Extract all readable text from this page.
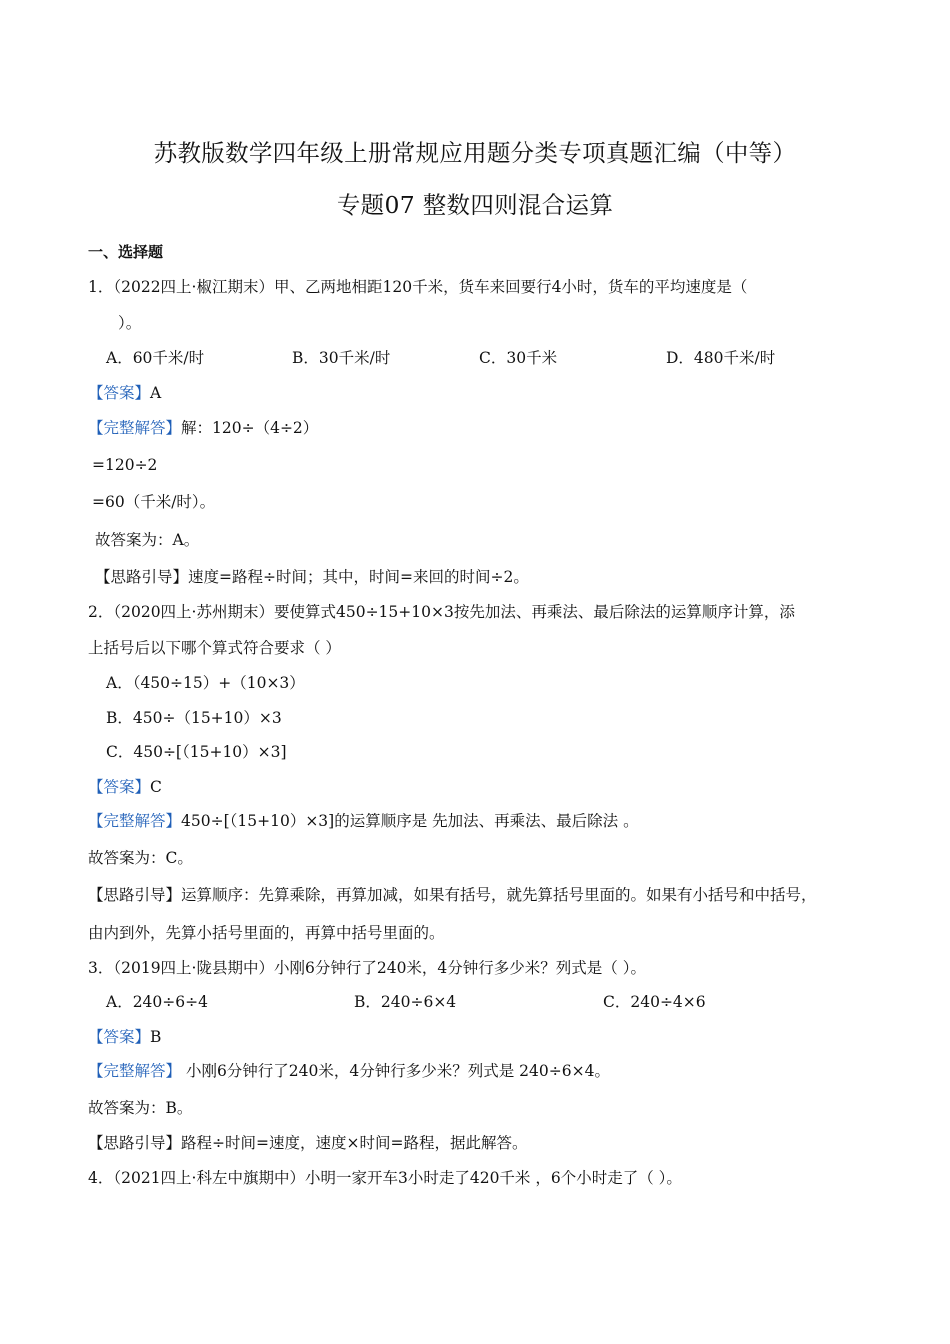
苏教版数学四年级上册常规应用题分类专项真题汇编（中等）
专题07 整数四则混合运算
一、选择题
1．（2022四上·椒江期末）甲、乙两地相距120千米，货车来回要行4小时，货车的平均速度是（
）。
A．60千米/时	B．30千米/时	C．30千米	D．480千米/时
【答案】A
【完整解答】解：120÷（4÷2）
=120÷2
=60（千米/时）。
故答案为：A。
【思路引导】速度=路程÷时间；其中，时间=来回的时间÷2。
2．（2020四上·苏州期末）要使算式450÷15+10×3按先加法、再乘法、最后除法的运算顺序计算，添
上括号后以下哪个算式符合要求（ ）
A．（450÷15）+（10×3）
B．450÷（15+10）×3
C．450÷[（15+10）×3]
【答案】C
【完整解答】450÷[（15+10）×3]的运算顺序是 先加法、再乘法、最后除法 。
故答案为：C。
【思路引导】运算顺序：先算乘除，再算加减，如果有括号，就先算括号里面的。如果有小括号和中括号，
由内到外，先算小括号里面的，再算中括号里面的。
3．（2019四上·陇县期中）小刚6分钟行了240米，4分钟行多少米？列式是（ ）。
A．240÷6÷4	B．240÷6×4	C．240÷4×6
【答案】B
【完整解答】 小刚6分钟行了240米，4分钟行多少米？列式是 240÷6×4。
故答案为：B。
【思路引导】路程÷时间=速度，速度×时间=路程，据此解答。
4．（2021四上·科左中旗期中）小明一家开车3小时走了420千米 ，6个小时走了（ ）。
